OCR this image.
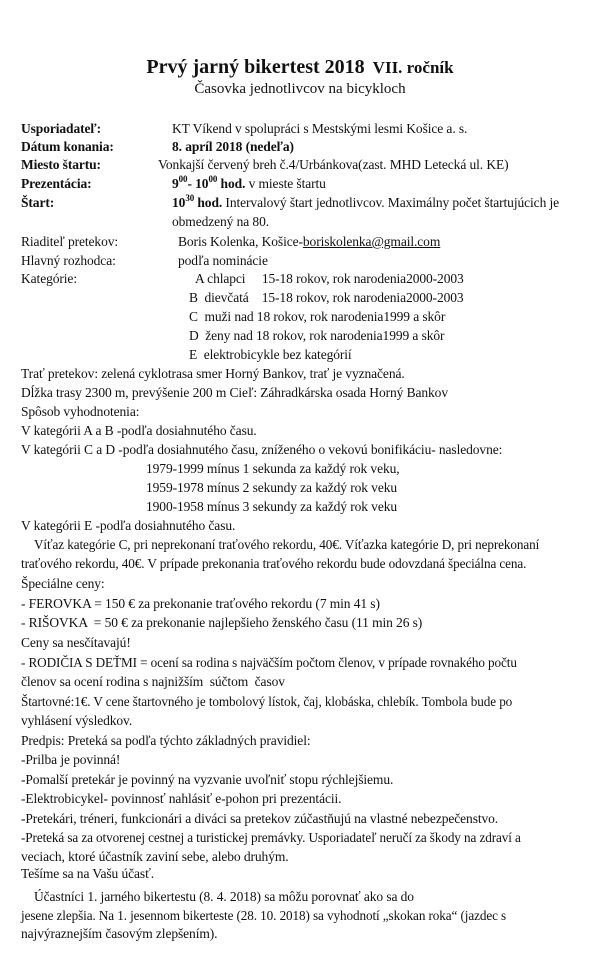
Prvý jarný bikertest 2018 VII. ročník
Časovka jednotlivcov na bicykloch
Usporiadateľ:	KT Víkend v spolupráci s Mestskými lesmi Košice a. s.
Dátum konania:	8. apríl 2018 (nedeľa)
Miesto štartu:	Vonkajší červený breh č.4/Urbánkova(zast. MHD Letecká ul. KE)
Prezentácia:	$9^{00}-$ $10^{00}$ hod. v mieste štartu
Štart:	$10^{30}$ hod. Intervalový štart jednotlivcov. Maximálny počet štartujúcich je
obmedzený na 80.
Riaditeľ pretekov:	Boris Kolenka, Košice-boriskolenka@gmail.com
Hlavný rozhodca:	podľa nominácie
Kategórie:	A chlapci     15-18 rokov, rok narodenia2000-2003
B  dievčatá    15-18 rokov, rok narodenia2000-2003
C  muži nad 18 rokov, rok narodenia1999 a skôr
D  ženy nad 18 rokov, rok narodenia1999 a skôr
E  elektrobicykle bez kategórií
Trať pretekov: zelená cyklotrasa smer Horný Bankov, trať je vyznačená.
Dĺžka trasy 2300 m, prevýšenie 200 m Cieľ: Záhradkárska osada Horný Bankov
Spôsob vyhodnotenia:
V kategórii A a B -podľa dosiahnutého času.
V kategórii C a D -podľa dosiahnutého času, zníženého o vekovú bonifikáciu- nasledovne:
1979-1999 mínus 1 sekunda za každý rok veku,
1959-1978 mínus 2 sekundy za každý rok veku
1900-1958 mínus 3 sekundy za každý rok veku
V kategórii E -podľa dosiahnutého času.
Víťaz kategórie C, pri neprekonaní traťového rekordu, 40€. Víťazka kategórie D, pri neprekonaní
traťového rekordu, 40€. V prípade prekonania traťového rekordu bude odovzdaná špeciálna cena.
Špeciálne ceny:
- FEROVKA = 150 € za prekonanie traťového rekordu (7 min 41 s)
- RIŠOVKA  = 50 € za prekonanie najlepšieho ženského času (11 min 26 s)
Ceny sa nesčítavajú!
- RODIČIA S DEŤMI = ocení sa rodina s najväčším počtom členov, v prípade rovnakého počtu
členov sa ocení rodina s najnižším  súčtom  časov
Štartovné:1€. V cene štartovného je tombolový lístok, čaj, klobáska, chlebík. Tombola bude po
vyhlásení výsledkov.
Predpis: Preteká sa podľa týchto základných pravidiel:
-Prilba je povinná!
-Pomalší pretekár je povinný na vyzvanie uvoľniť stopu rýchlejšiemu.
-Elektrobicykel- povinnosť nahlásiť e-pohon pri prezentácii.
-Pretekári, tréneri, funkcionári a diváci sa pretekov zúčastňujú na vlastné nebezpečenstvo.
-Preteká sa za otvorenej cestnej a turistickej premávky. Usporiadateľ neručí za škody na zdraví a
veciach, ktoré účastník zaviní sebe, alebo druhým.
Tešíme sa na Vašu účasť.
Účastníci 1. jarného bikertestu (8. 4. 2018) sa môžu porovnať ako sa do
jesene zlepšia. Na 1. jesennom bikerteste (28. 10. 2018) sa vyhodnotí „skokan roka“ (jazdec s
najvýraznejším časovým zlepšením).
